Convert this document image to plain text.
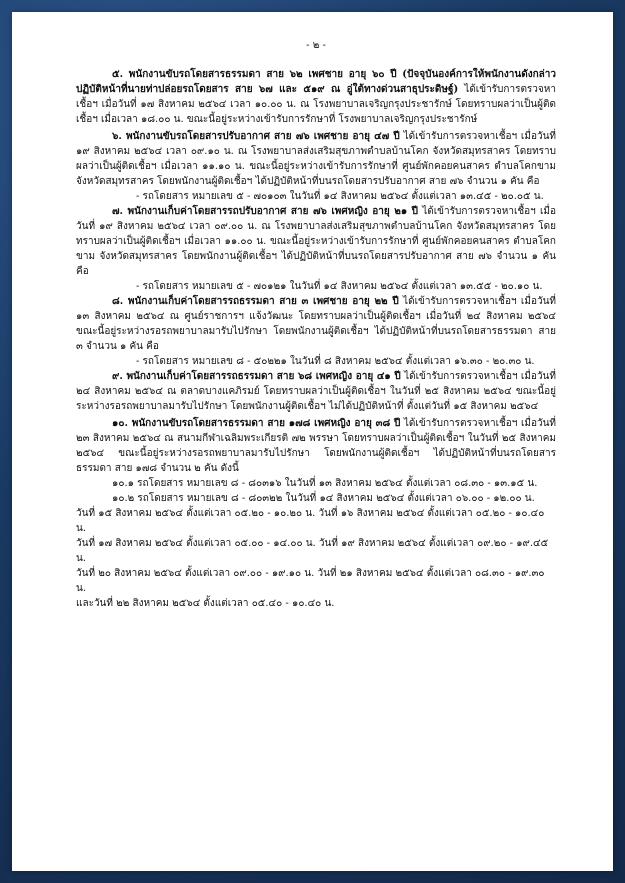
- ๒ -
๕. พนักงานขับรถโดยสารธรรมดา สาย ๖๒ เพศชาย อายุ ๖๐ ปี (ปัจจุบันองค์การให้พนักงานดังกล่าว ปฏิบัติหน้าที่นายท่าปล่อยรถโดยสาร สาย ๖๗ และ ๕๑๙ ณ อู่ใต้ทางด่วนสาธุประดิษฐ์) ได้เข้ารับการตรวจหาเชื้อฯ เมื่อวันที่ ๑๗ สิงหาคม ๒๕๖๔ เวลา ๑๐.๐๐ น. ณ โรงพยาบาลเจริญกรุงประชารักษ์ โดยทราบผลว่าเป็นผู้ติดเชื้อฯ เมื่อเวลา ๑๘.๐๐ น. ขณะนี้อยู่ระหว่างเข้ารับการรักษาที่ โรงพยาบาลเจริญกรุงประชารักษ์
๖. พนักงานขับรถโดยสารปรับอากาศ สาย ๗๖ เพศชาย อายุ ๔๗ ปี ได้เข้ารับการตรวจหาเชื้อฯ เมื่อวันที่ ๑๙ สิงหาคม ๒๕๖๔ เวลา ๐๙.๑๐ น. ณ โรงพยาบาลส่งเสริมสุขภาพตำบลบ้านโคก จังหวัดสมุทรสาคร โดยทราบผลว่าเป็นผู้ติดเชื้อฯ เมื่อเวลา ๑๑.๑๐ น. ขณะนี้อยู่ระหว่างเข้ารับการรักษาที่ ศูนย์พักคอยคนสาคร ตำบลโคกขาม จังหวัดสมุทรสาคร โดยพนักงานผู้ติดเชื้อฯ ได้ปฏิบัติหน้าที่บนรถโดยสารปรับอากาศ สาย ๗๖ จำนวน ๑ คัน คือ
- รถโดยสาร หมายเลข ๕ - ๗๐๑๐๓ ในวันที่ ๑๔ สิงหาคม ๒๕๖๔ ตั้งแต่เวลา ๑๓.๔๕ - ๒๐.๐๕ น.
๗. พนักงานเก็บค่าโดยสารรถปรับอากาศ สาย ๗๖ เพศหญิง อายุ ๒๑ ปี ได้เข้ารับการตรวจหาเชื้อฯ เมื่อวันที่ ๑๙ สิงหาคม ๒๕๖๔ เวลา ๐๙.๐๐ น. ณ โรงพยาบาลส่งเสริมสุขภาพตำบลบ้านโคก จังหวัดสมุทรสาคร โดยทราบผลว่าเป็นผู้ติดเชื้อฯ เมื่อเวลา ๑๑.๐๐ น. ขณะนี้อยู่ระหว่างเข้ารับการรักษาที่ ศูนย์พักคอยคนสาคร ตำบลโคกขาม จังหวัดสมุทรสาคร โดยพนักงานผู้ติดเชื้อฯ ได้ปฏิบัติหน้าที่บนรถโดยสารปรับอากาศ สาย ๗๖ จำนวน ๑ คัน คือ
- รถโดยสาร หมายเลข ๕ - ๗๐๑๒๑ ในวันที่ ๑๔ สิงหาคม ๒๕๖๔ ตั้งแต่เวลา ๑๓.๕๕ - ๒๐.๑๐ น.
๘. พนักงานเก็บค่าโดยสารรถธรรมดา สาย ๓ เพศชาย อายุ ๒๒ ปี ได้เข้ารับการตรวจหาเชื้อฯ เมื่อวันที่ ๑๓ สิงหาคม ๒๕๖๔ ณ ศูนย์ราชการฯ แจ้งวัฒนะ โดยทราบผลว่าเป็นผู้ติดเชื้อฯ เมื่อวันที่ ๒๔ สิงหาคม ๒๕๖๔ ขณะนี้อยู่ระหว่างรอรถพยาบาลมารับไปรักษา โดยพนักงานผู้ติดเชื้อฯ ได้ปฏิบัติหน้าที่บนรถโดยสารธรรมดา สาย ๓ จำนวน ๑ คัน คือ
- รถโดยสาร หมายเลข ๘ - ๕๐๒๒๑ ในวันที่ ๘ สิงหาคม ๒๕๖๔ ตั้งแต่เวลา ๑๖.๓๐ - ๒๐.๓๐ น.
๙. พนักงานเก็บค่าโดยสารรถธรรมดา สาย ๖๘ เพศหญิง อายุ ๔๑ ปี ได้เข้ารับการตรวจหาเชื้อฯ เมื่อวันที่ ๒๔ สิงหาคม ๒๕๖๔ ณ ตลาดบางแคภิรมย์ โดยทราบผลว่าเป็นผู้ติดเชื้อฯ ในวันที่ ๒๕ สิงหาคม ๒๕๖๔ ขณะนี้อยู่ระหว่างรอรถพยาบาลมารับไปรักษา โดยพนักงานผู้ติดเชื้อฯ ไม่ได้ปฏิบัติหน้าที่ ตั้งแต่วันที่ ๑๕ สิงหาคม ๒๕๖๔
๑๐. พนักงานขับรถโดยสารธรรมดา สาย ๑๗๘ เพศหญิง อายุ ๓๘ ปี ได้เข้ารับการตรวจหาเชื้อฯ เมื่อวันที่ ๒๓ สิงหาคม ๒๕๖๔ ณ สนามกีฬาเฉลิมพระเกียรติ ๗๒ พรรษา โดยทราบผลว่าเป็นผู้ติดเชื้อฯ ในวันที่ ๒๕ สิงหาคม ๒๕๖๔ ขณะนี้อยู่ระหว่างรอรถพยาบาลมารับไปรักษา โดยพนักงานผู้ติดเชื้อฯ ได้ปฏิบัติหน้าที่บนรถโดยสารธรรมดา สาย ๑๗๘ จำนวน ๒ คัน ดังนี้
๑๐.๑ รถโดยสาร หมายเลข ๘ - ๘๐๓๑๖ ในวันที่ ๑๓ สิงหาคม ๒๕๖๔ ตั้งแต่เวลา ๐๘.๓๐ - ๑๓.๑๕ น.
๑๐.๒ รถโดยสาร หมายเลข ๘ - ๘๐๓๒๒ ในวันที่ ๑๔ สิงหาคม ๒๕๖๔ ตั้งแต่เวลา ๐๖.๐๐ - ๑๒.๐๐ น.
วันที่ ๑๕ สิงหาคม ๒๕๖๔ ตั้งแต่เวลา ๐๕.๒๐ - ๑๐.๒๐ น. วันที่ ๑๖ สิงหาคม ๒๕๖๔ ตั้งแต่เวลา ๐๕.๒๐ - ๑๐.๔๐ น.
วันที่ ๑๗ สิงหาคม ๒๕๖๔ ตั้งแต่เวลา ๐๕.๐๐ - ๑๔.๐๐ น. วันที่ ๑๙ สิงหาคม ๒๕๖๔ ตั้งแต่เวลา ๐๙.๒๐ - ๑๙.๔๕ น.
วันที่ ๒๐ สิงหาคม ๒๕๖๔ ตั้งแต่เวลา ๐๙.๐๐ - ๑๙.๑๐ น. วันที่ ๒๑ สิงหาคม ๒๕๖๔ ตั้งแต่เวลา ๐๘.๓๐ - ๑๙.๓๐ น.
และวันที่ ๒๒ สิงหาคม ๒๕๖๔ ตั้งแต่เวลา ๐๕.๔๐ - ๑๐.๔๐ น.
